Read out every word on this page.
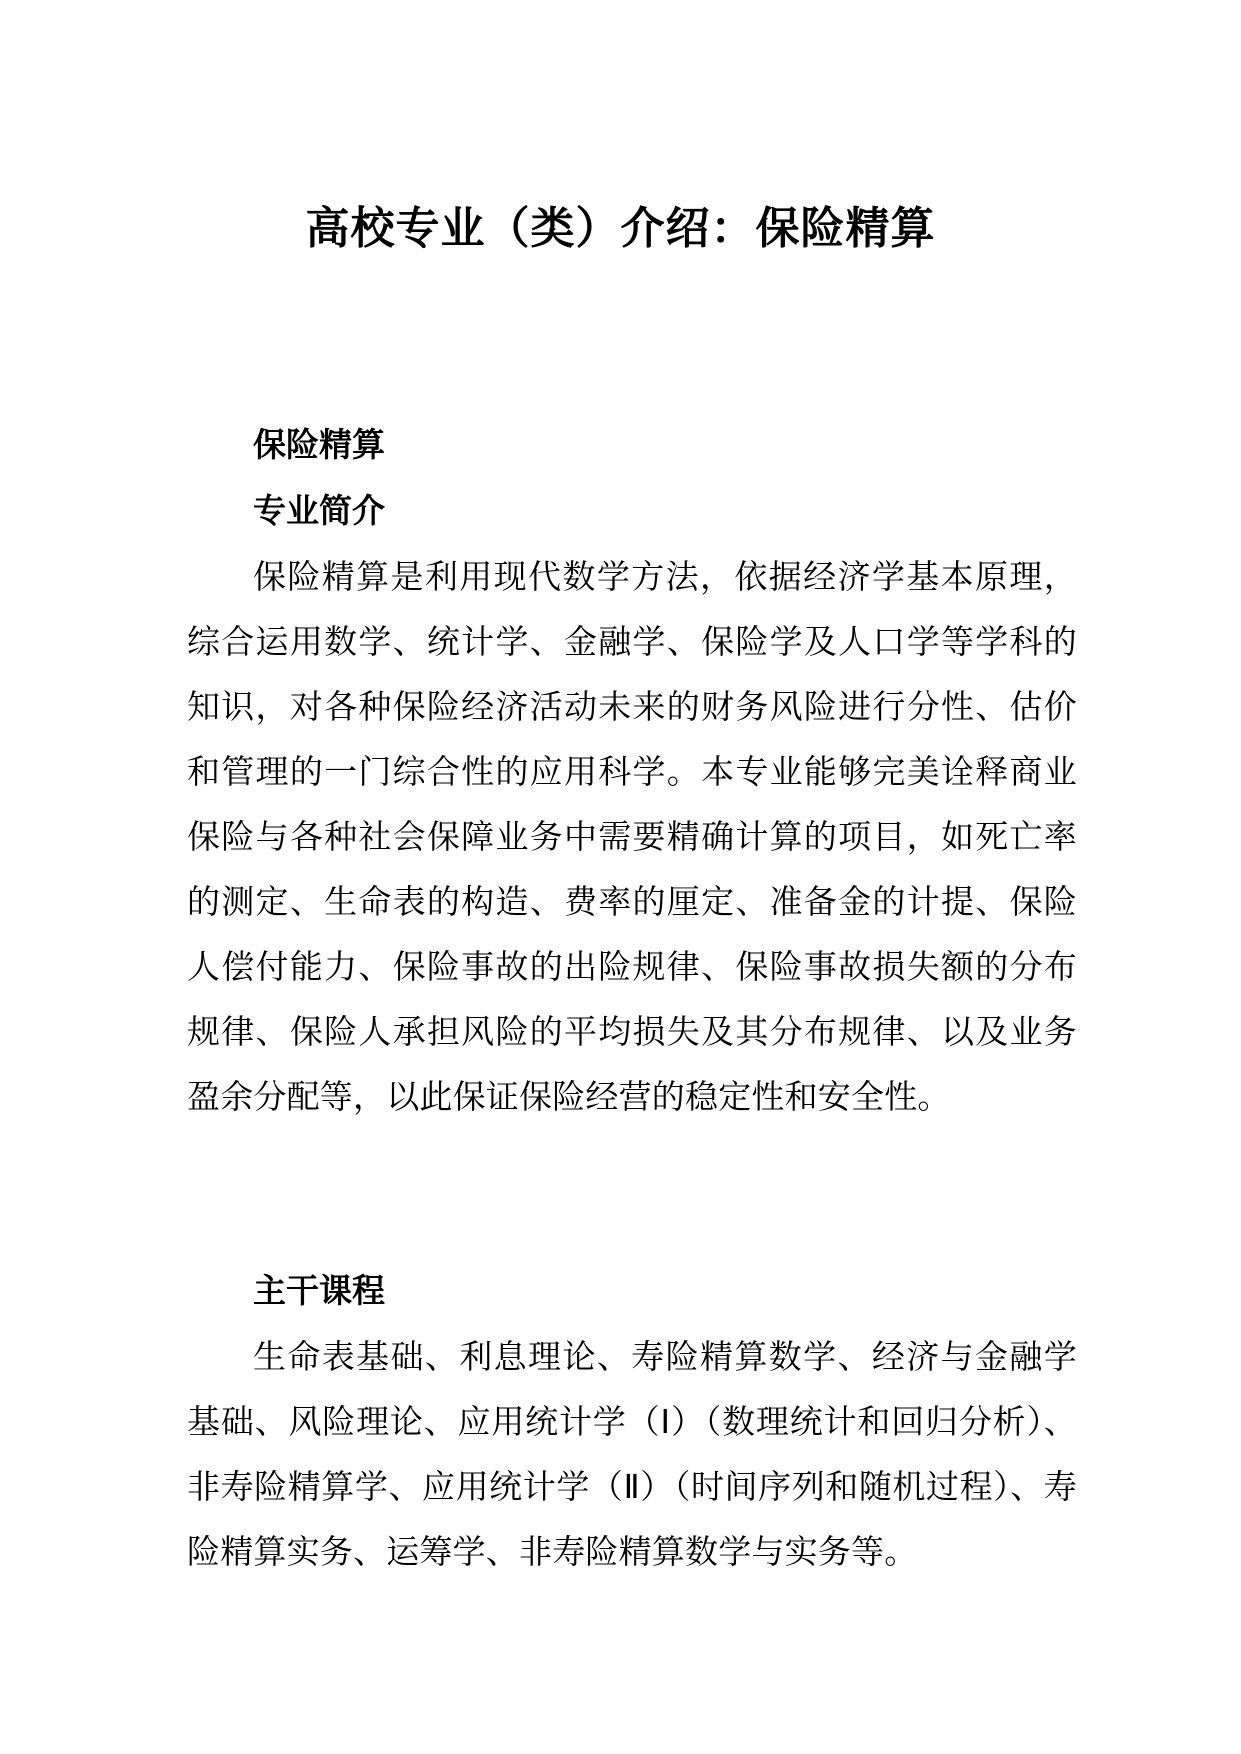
高校专业（类）介绍：保险精算
保险精算
专业简介

保险精算是利用现代数学方法，依据经济学基本原理，综合运用数学、统计学、金融学、保险学及人口学等学科的知识，对各种保险经济活动未来的财务风险进行分性、估价和管理的一门综合性的应用科学。本专业能够完美诠释商业保险与各种社会保障业务中需要精确计算的项目，如死亡率的测定、生命表的构造、费率的厘定、准备金的计提、保险人偿付能力、保险事故的出险规律、保险事故损失额的分布规律、保险人承担风险的平均损失及其分布规律、以及业务盈余分配等，以此保证保险经营的稳定性和安全性。

主干课程

生命表基础、利息理论、寿险精算数学、经济与金融学基础、风险理论、应用统计学（Ⅰ）（数理统计和回归分析）、非寿险精算学、应用统计学（Ⅱ）（时间序列和随机过程）、寿险精算实务、运筹学、非寿险精算数学与实务等。
